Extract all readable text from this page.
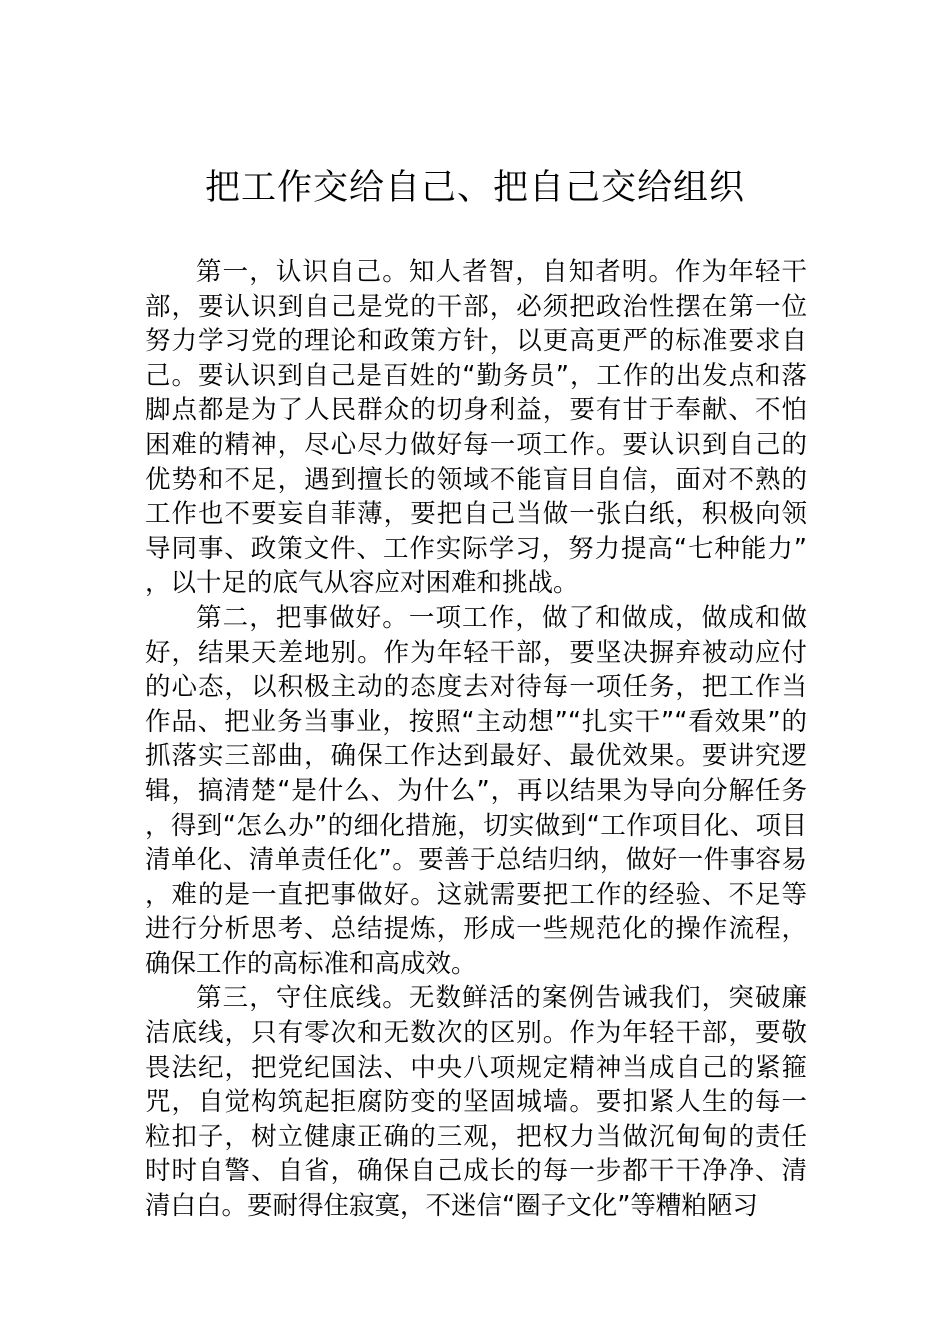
把工作交给自己、把自己交给组织

第一，认识自己。知人者智，自知者明。作为年轻干部，要认识到自己是党的干部，必须把政治性摆在第一位努力学习党的理论和政策方针，以更高更严的标准要求自己。要认识到自己是百姓的“勤务员”，工作的出发点和落脚点都是为了人民群众的切身利益，要有甘于奉献、不怕困难的精神，尽心尽力做好每一项工作。要认识到自己的优势和不足，遇到擅长的领域不能盲目自信，面对不熟的工作也不要妄自菲薄，要把自己当做一张白纸，积极向领导同事、政策文件、工作实际学习，努力提高“七种能力”，以十足的底气从容应对困难和挑战。

第二，把事做好。一项工作，做了和做成，做成和做好，结果天差地别。作为年轻干部，要坚决摒弃被动应付的心态，以积极主动的态度去对待每一项任务，把工作当作品、把业务当事业，按照“主动想”“扎实干”“看效果”的抓落实三部曲，确保工作达到最好、最优效果。要讲究逻辑，搞清楚“是什么、为什么”，再以结果为导向分解任务，得到“怎么办”的细化措施，切实做到“工作项目化、项目清单化、清单责任化”。要善于总结归纳，做好一件事容易，难的是一直把事做好。这就需要把工作的经验、不足等进行分析思考、总结提炼，形成一些规范化的操作流程，确保工作的高标准和高成效。

第三，守住底线。无数鲜活的案例告诫我们，突破廉洁底线，只有零次和无数次的区别。作为年轻干部，要敬畏法纪，把党纪国法、中央八项规定精神当成自己的紧箍咒，自觉构筑起拒腐防变的坚固城墙。要扣紧人生的每一粒扣子，树立健康正确的三观，把权力当做沉甸甸的责任时时自警、自省，确保自己成长的每一步都干干净净、清清白白。要耐得住寂寞，不迷信“圈子文化”等糟粕陋习
